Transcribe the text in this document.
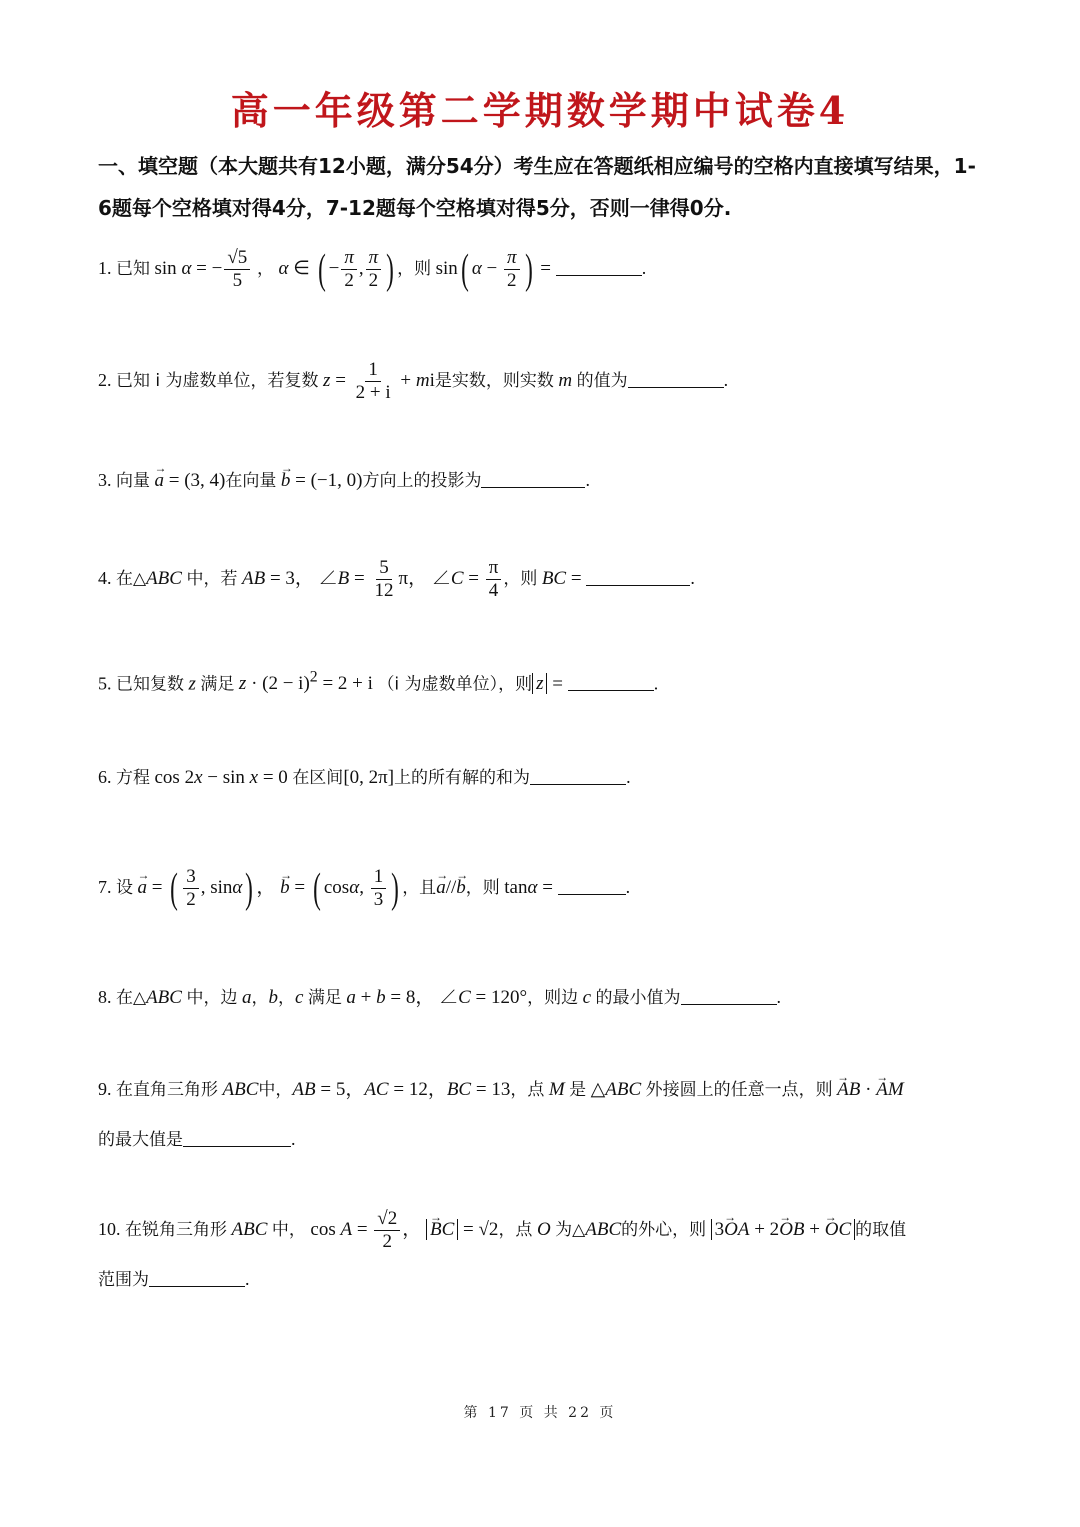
高一年级第二学期数学期中试卷4
一、填空题（本大题共有12小题，满分54分）考生应在答题纸相应编号的空格内直接填写结果，1-6题每个空格填对得4分，7-12题每个空格填对得5分，否则一律得0分.
1. 已知 sin α = − $\frac{√5}{5}$ ， α ∈ ( − $\frac{\pi}{2}$ , $\frac{\pi}{2}$ ) ，则 sin( $\alpha - \frac{\pi}{2}$ ) =	.
2. 已知 i 为虚数单位，若复数 $z = \frac{1}{2 + i}$ + mi是实数，则实数 m 的值为	.
3. 向量 → a = (3, 4)在向量 → b = (−1, 0)方向上的投影为	.
4. 在△ABC 中，若 AB = 3， ∠B = $\frac{5}{12}$ π， ∠C = $\frac{\pi}{4}$ ，则 BC =	.
5. 已知复数 z 满足 $z \cdot (2 - i)^2 = 2 + i$ （i 为虚数单位），则 z =	.
6. 方程 cos 2x − sin x = 0 在区间[0, 2π]上的所有解的和为	.
7. 设 → a = ( $\frac{3}{2}$ , sinα) ， → b = ( cosα, $\frac{1}{3}$ ) ，且→ a//→ b，则 tanα =	.
8. 在△ABC 中，边 a，b，c 满足 a + b = 8， ∠C = 120°，则边 c 的最小值为	.
9. 在直角三角形 ABC中，AB = 5，AC = 12，BC = 13，点 M 是 △ABC 外接圆上的任意一点，则 → AB · → AM
的最大值是	.
10. 在锐角三角形 ABC 中， $\cos A = \frac{√2}{2}$ ， → BC = √2，点 O 为△ABC的外心，则 3→ OA + 2→ OB + → OC 的取值
范围为	.
第 17 页 共 22 页
